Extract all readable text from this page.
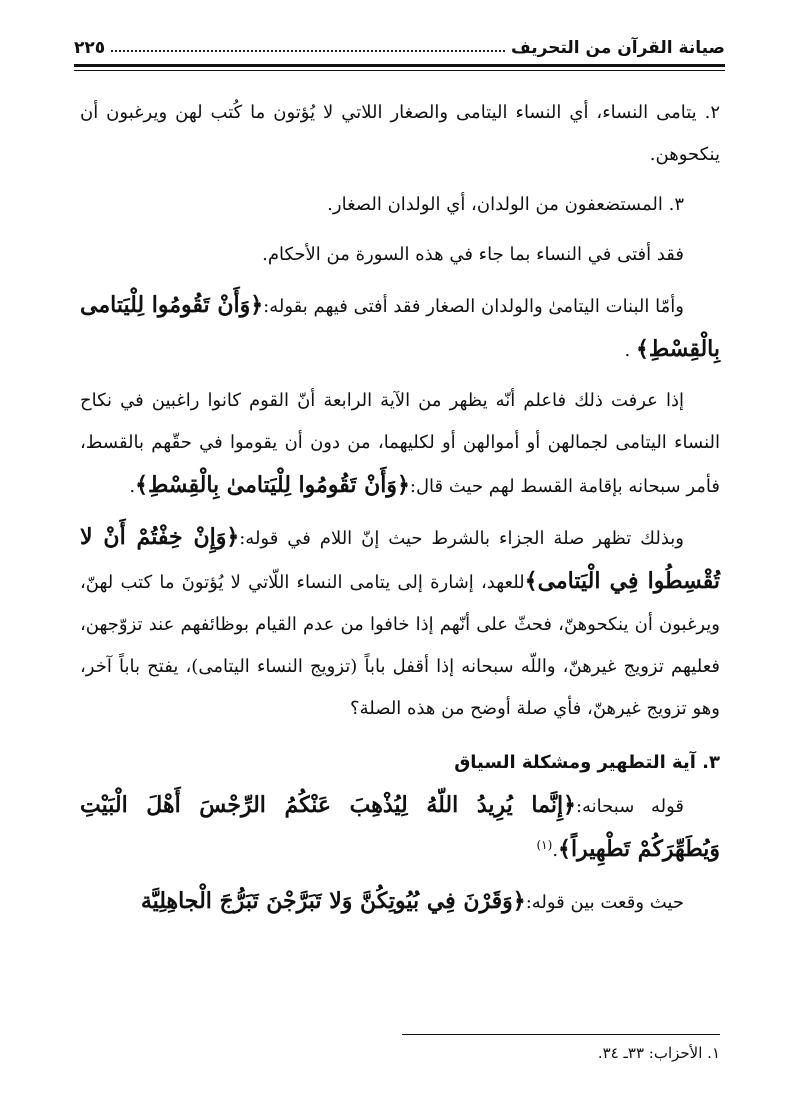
صيانة القرآن من التحريف
٢٢٥

٢. يتامى النساء، أي النساء اليتامى والصغار اللاتي لا يُؤتون ما كُتب لهن ويرغبون أن ينكحوهن.

٣. المستضعفون من الولدان، أي الولدان الصغار.

فقد أفتى في النساء بما جاء في هذه السورة من الأحكام.

وأمّا البنات اليتامىٰ والولدان الصغار فقد أفتى فيهم بقوله:﴿وَأَنْ تَقُومُوا لِلْيَتامى بِالْقِسْطِ﴾ .

إذا عرفت ذلك فاعلم أنّه يظهر من الآية الرابعة أنّ القوم كانوا راغبين في نكاح النساء اليتامى لجمالهن أو أموالهن أو لكليهما، من دون أن يقوموا في حقّهم بالقسط، فأمر سبحانه بإقامة القسط لهم حيث قال:﴿وَأَنْ تَقُومُوا لِلْيَتامىٰ بِالْقِسْطِ﴾.

وبذلك تظهر صلة الجزاء بالشرط حيث إنّ اللام في قوله:﴿وَإِنْ خِفْتُمْ أَنْ لا تُقْسِطُوا فِي الْيَتامى﴾للعهد، إشارة إلى يتامى النساء اللّاتي لا يُؤتونَ ما كتب لهنّ، ويرغبون أن ينكحوهنّ، فحثّ على أنّهم إذا خافوا من عدم القيام بوظائفهم عند تزوّجهن، فعليهم تزويج غيرهنّ، واللّه سبحانه إذا أقفل باباً (تزويج النساء اليتامى)، يفتح باباً آخر، وهو تزويج غيرهنّ، فأي صلة أوضح من هذه الصلة؟

٣. آية التطهير ومشكلة السياق

قوله سبحانه:﴿إِنَّما يُرِيدُ اللّهُ لِيُذْهِبَ عَنْكُمُ الرِّجْسَ أَهْلَ الْبَيْتِ وَيُطَهِّرَكُمْ تَطْهِيراً﴾.$^{(١)}$

حيث وقعت بين قوله:﴿وَقَرْنَ فِي بُيُوتِكُنَّ وَلا تَبَرَّجْنَ تَبَرُّجَ الْجاهِلِيَّة

١. الأحزاب: ٣٣ـ ٣٤.
